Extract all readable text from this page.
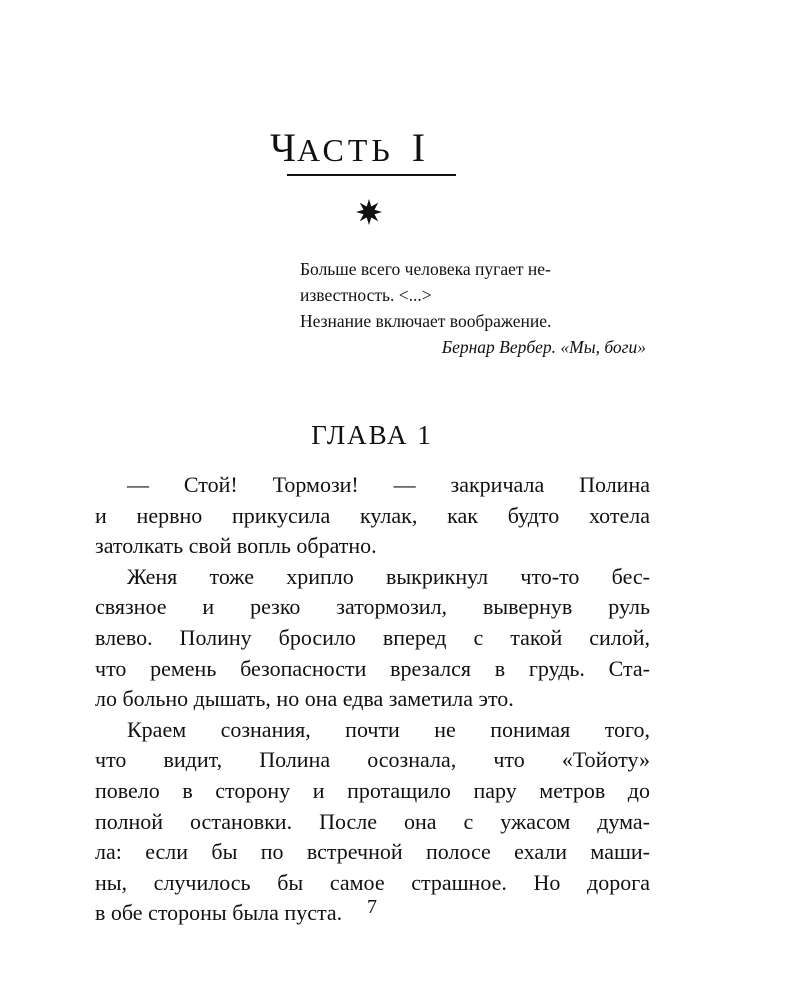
ЧАСТЬ I

Больше всего человека пугает не-

известность. <...>

Незнание включает воображение.

Бернар Вербер. «Мы, боги»

ГЛАВА 1
— Стой! Тормози! — закричала Полина
и нервно прикусила кулак, как будто хотела
затолкать свой вопль обратно.
Женя тоже хрипло выкрикнул что-то бес-
связное и резко затормозил, вывернув руль
влево. Полину бросило вперед с такой силой,
что ремень безопасности врезался в грудь. Ста-
ло больно дышать, но она едва заметила это.
Краем сознания, почти не понимая того,
что видит, Полина осознала, что «Тойоту»
повело в сторону и протащило пару метров до
полной остановки. После она с ужасом дума-
ла: если бы по встречной полосе ехали маши-
ны, случилось бы самое страшное. Но дорога
в обе стороны была пуста.	7
